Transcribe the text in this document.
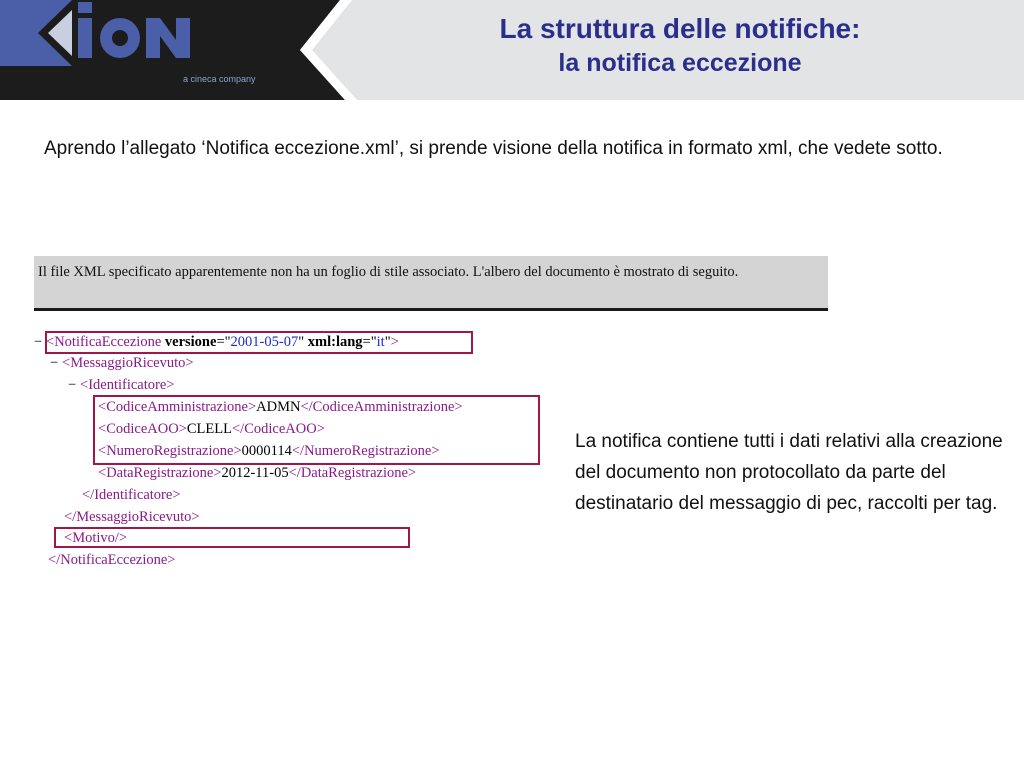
a cineca company
La struttura delle notifiche:
la notifica eccezione
Aprendo l’allegato ‘Notifica eccezione.xml’, si prende visione della notifica in formato xml, che vedete sotto.
Il file XML specificato apparentemente non ha un foglio di stile associato. L'albero del documento è mostrato di seguito.
− <NotificaEccezione versione="2001-05-07" xml:lang="it">
− <MessaggioRicevuto>
− <Identificatore>
<CodiceAmministrazione>ADMN</CodiceAmministrazione>
<CodiceAOO>CLELL</CodiceAOO>
<NumeroRegistrazione>0000114</NumeroRegistrazione>
<DataRegistrazione>2012-11-05</DataRegistrazione>
</Identificatore>
</MessaggioRicevuto>
<Motivo/>
</NotificaEccezione>
La notifica contiene tutti i dati relativi alla creazione del documento non protocollato da parte del destinatario del messaggio di pec, raccolti per tag.
